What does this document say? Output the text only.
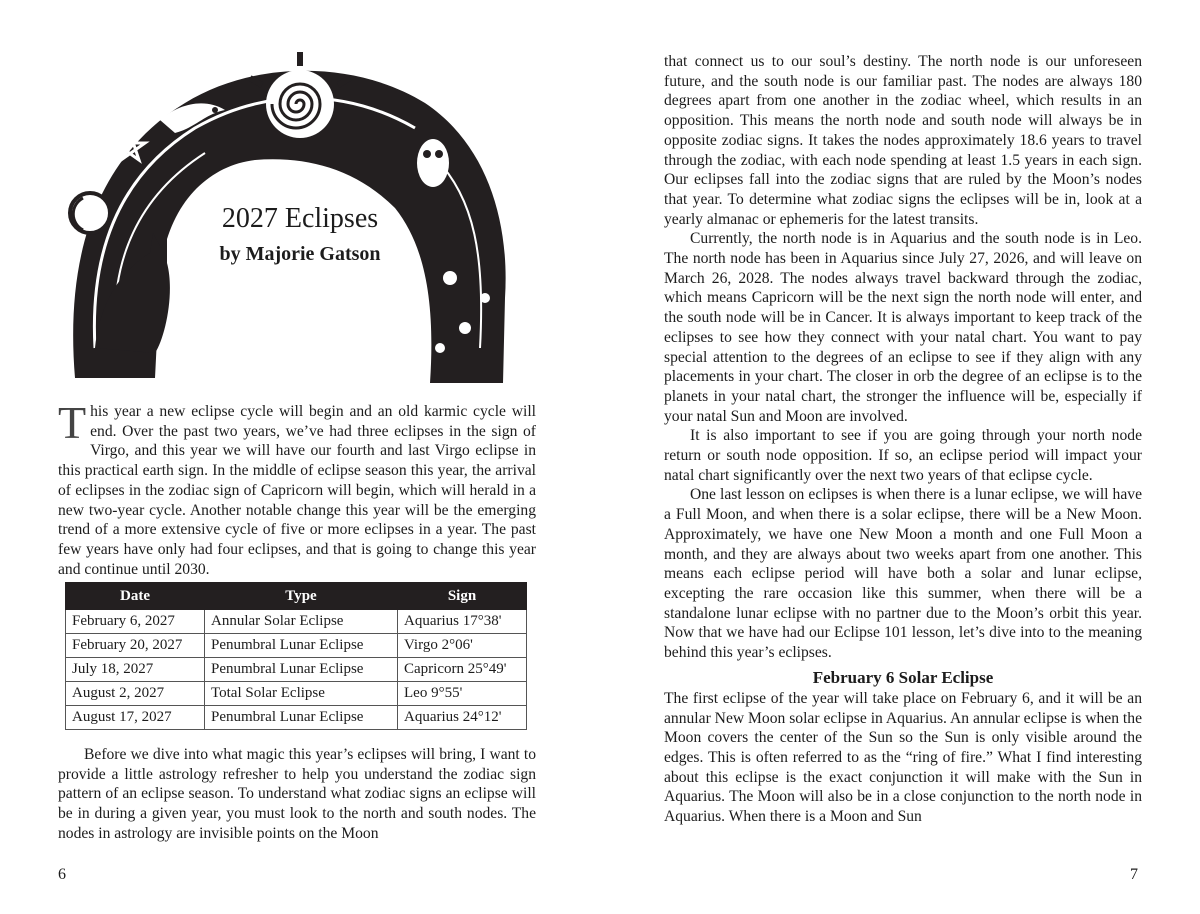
2027 Eclipses
by Majorie Gatson
This year a new eclipse cycle will begin and an old karmic cycle will end. Over the past two years, we’ve had three eclipses in the sign of Virgo, and this year we will have our fourth and last Virgo eclipse in this practical earth sign. In the middle of eclipse season this year, the arrival of eclipses in the zodiac sign of Capricorn will begin, which will herald in a new two-year cycle. Another notable change this year will be the emerging trend of a more extensive cycle of five or more eclipses in a year. The past few years have only had four eclipses, and that is going to change this year and continue until 2030.
Date	Type	Sign
February 6, 2027	Annular Solar Eclipse	Aquarius 17°38'
February 20, 2027	Penumbral Lunar Eclipse	Virgo 2°06'
July 18, 2027	Penumbral Lunar Eclipse	Capricorn 25°49'
August 2, 2027	Total Solar Eclipse	Leo 9°55'
August 17, 2027	Penumbral Lunar Eclipse	Aquarius 24°12'

Before we dive into what magic this year’s eclipses will bring, I want to provide a little astrology refresher to help you understand the zodiac sign pattern of an eclipse season. To understand what zodiac signs an eclipse will be in during a given year, you must look to the north and south nodes. The nodes in astrology are invisible points on the Moon

6

that connect us to our soul’s destiny. The north node is our unforeseen future, and the south node is our familiar past. The nodes are always 180 degrees apart from one another in the zodiac wheel, which results in an opposition. This means the north node and south node will always be in opposite zodiac signs. It takes the nodes approximately 18.6 years to travel through the zodiac, with each node spending at least 1.5 years in each sign. Our eclipses fall into the zodiac signs that are ruled by the Moon’s nodes that year. To determine what zodiac signs the eclipses will be in, look at a yearly almanac or ephemeris for the latest transits.

Currently, the north node is in Aquarius and the south node is in Leo. The north node has been in Aquarius since July 27, 2026, and will leave on March 26, 2028. The nodes always travel backward through the zodiac, which means Capricorn will be the next sign the north node will enter, and the south node will be in Cancer. It is always important to keep track of the eclipses to see how they connect with your natal chart. You want to pay special attention to the degrees of an eclipse to see if they align with any placements in your chart. The closer in orb the degree of an eclipse is to the planets in your natal chart, the stronger the influence will be, especially if your natal Sun and Moon are involved.

It is also important to see if you are going through your north node return or south node opposition. If so, an eclipse period will impact your natal chart significantly over the next two years of that eclipse cycle.

One last lesson on eclipses is when there is a lunar eclipse, we will have a Full Moon, and when there is a solar eclipse, there will be a New Moon. Approximately, we have one New Moon a month and one Full Moon a month, and they are always about two weeks apart from one another. This means each eclipse period will have both a solar and lunar eclipse, excepting the rare occasion like this summer, when there will be a standalone lunar eclipse with no partner due to the Moon’s orbit this year. Now that we have had our Eclipse 101 lesson, let’s dive into to the meaning behind this year’s eclipses.

February 6 Solar Eclipse

The first eclipse of the year will take place on February 6, and it will be an annular New Moon solar eclipse in Aquarius. An annular eclipse is when the Moon covers the center of the Sun so the Sun is only visible around the edges. This is often referred to as the “ring of fire.” What I find interesting about this eclipse is the exact conjunction it will make with the Sun in Aquarius. The Moon will also be in a close conjunction to the north node in Aquarius. When there is a Moon and Sun

7
